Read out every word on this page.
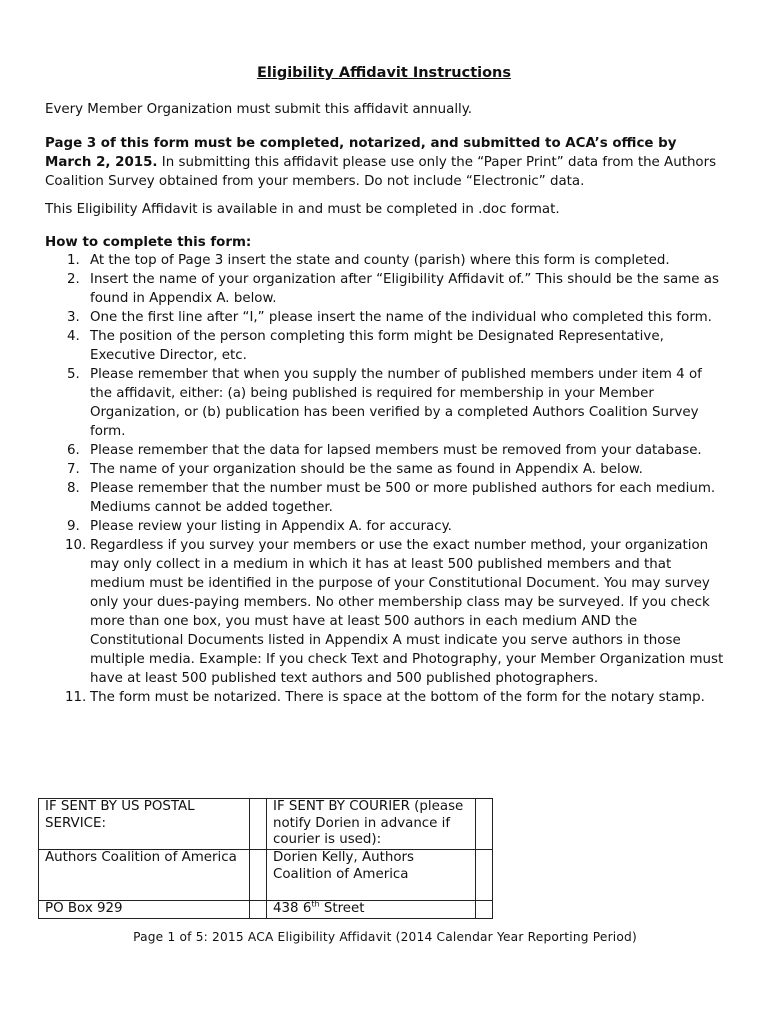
Eligibility Affidavit Instructions
Every Member Organization must submit this affidavit annually.
Page 3 of this form must be completed, notarized, and submitted to ACA’s office by March 2, 2015. In submitting this affidavit please use only the “Paper Print” data from the Authors Coalition Survey obtained from your members. Do not include “Electronic” data.
This Eligibility Affidavit is available in and must be completed in .doc format.
How to complete this form:
1. At the top of Page 3 insert the state and county (parish) where this form is completed.
2. Insert the name of your organization after “Eligibility Affidavit of.” This should be the same as found in Appendix A. below.
3. One the first line after “I,” please insert the name of the individual who completed this form.
4. The position of the person completing this form might be Designated Representative, Executive Director, etc.
5. Please remember that when you supply the number of published members under item 4 of the affidavit, either: (a) being published is required for membership in your Member Organization, or (b) publication has been verified by a completed Authors Coalition Survey form.
6. Please remember that the data for lapsed members must be removed from your database.
7. The name of your organization should be the same as found in Appendix A. below.
8. Please remember that the number must be 500 or more published authors for each medium. Mediums cannot be added together.
9. Please review your listing in Appendix A. for accuracy.
10. Regardless if you survey your members or use the exact number method, your organization may only collect in a medium in which it has at least 500 published members and that medium must be identified in the purpose of your Constitutional Document. You may survey only your dues-paying members. No other membership class may be surveyed. If you check more than one box, you must have at least 500 authors in each medium AND the Constitutional Documents listed in Appendix A must indicate you serve authors in those multiple media. Example: If you check Text and Photography, your Member Organization must have at least 500 published text authors and 500 published photographers.
11. The form must be notarized. There is space at the bottom of the form for the notary stamp.
IF SENT BY US POSTAL SERVICE:		IF SENT BY COURIER (please notify Dorien in advance if courier is used):	
Authors Coalition of America		Dorien Kelly, Authors Coalition of America	
PO Box 929		438 6th Street	
Page 1 of 5: 2015 ACA Eligibility Affidavit (2014 Calendar Year Reporting Period)
